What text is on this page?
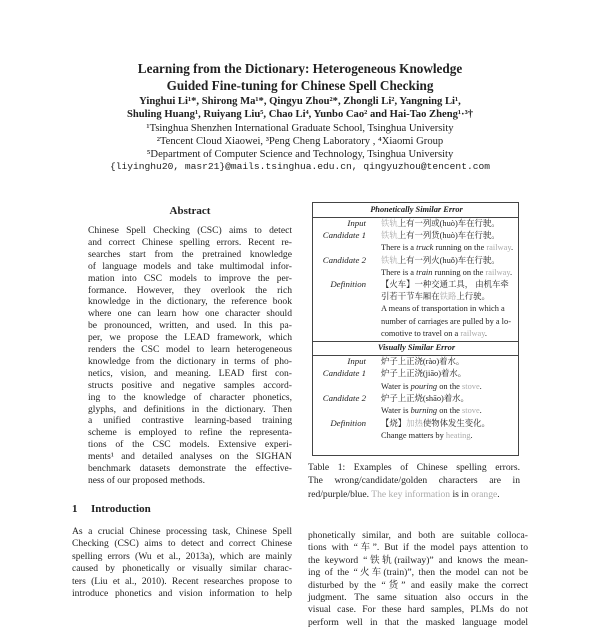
Learning from the Dictionary: Heterogeneous Knowledge
Guided Fine-tuning for Chinese Spell Checking
Yinghui Li¹*, Shirong Ma¹*, Qingyu Zhou²*, Zhongli Li², Yangning Li¹,
Shuling Huang¹, Ruiyang Liu⁵, Chao Li⁴, Yunbo Cao² and Hai-Tao Zheng¹·³†
¹Tsinghua Shenzhen International Graduate School, Tsinghua University
²Tencent Cloud Xiaowei, ³Peng Cheng Laboratory , ⁴Xiaomi Group
⁵Department of Computer Science and Technology, Tsinghua University
{liyinghu20, masr21}@mails.tsinghua.edu.cn, qingyuzhou@tencent.com
Abstract
Chinese Spell Checking (CSC) aims to detect
and correct Chinese spelling errors. Recent re-
searches start from the pretrained knowledge
of language models and take multimodal infor-
mation into CSC models to improve the per-
formance. However, they overlook the rich
knowledge in the dictionary, the reference book
where one can learn how one character should
be pronounced, written, and used. In this pa-
per, we propose the LEAD framework, which
renders the CSC model to learn heterogeneous
knowledge from the dictionary in terms of pho-
netics, vision, and meaning. LEAD first con-
structs positive and negative samples accord-
ing to the knowledge of character phonetics,
glyphs, and definitions in the dictionary. Then
a unified contrastive learning-based training
scheme is employed to refine the representa-
tions of the CSC models. Extensive experi-
ments¹ and detailed analyses on the SIGHAN
benchmark datasets demonstrate the effective-
ness of our proposed methods.
1 Introduction
As a crucial Chinese processing task, Chinese Spell
Checking (CSC) aims to detect and correct Chinese
spelling errors (Wu et al., 2013a), which are mainly
caused by phonetically or visually similar charac-
ters (Liu et al., 2010). Recent researches propose to
introduce phonetics and vision information to help
Phonetically Similar Error
Visually Similar Error
Input 铁轨上有一列或(huò)车在行驶。
Candidate 1 铁轨上有一列货(huò)车在行驶。
There is a truck running on the railway.
Candidate 2 铁轨上有一列火(huǒ)车在行驶。
There is a train running on the railway.
Definition 【火车】一种交通工具， 由机车牵
引若干节车厢在铁路上行驶。
A means of transportation in which a
number of carriages are pulled by a lo-
comotive to travel on a railway.
Input 炉子上正浇(rào)着水。
Candidate 1 炉子上正浇(jiāo)着水。
Water is pouring on the stove.
Candidate 2 炉子上正烧(shāo)着水。
Water is burning on the stove.
Definition 【烧】加热使物体发生变化。
Change matters by heating.
Table 1: Examples of Chinese spelling errors.
The wrong/candidate/golden characters are in
red/purple/blue. The key information is in orange.
phonetically similar, and both are suitable colloca-
tions with “车”. But if the model pays attention to
the keyword “铁轨(railway)” and knows the mean-
ing of the “火车(train)”, then the model can not be
disturbed by the “货” and easily make the correct
judgment. The same situation also occurs in the
visual case. For these hard samples, PLMs do not
perform well in that the masked language model
